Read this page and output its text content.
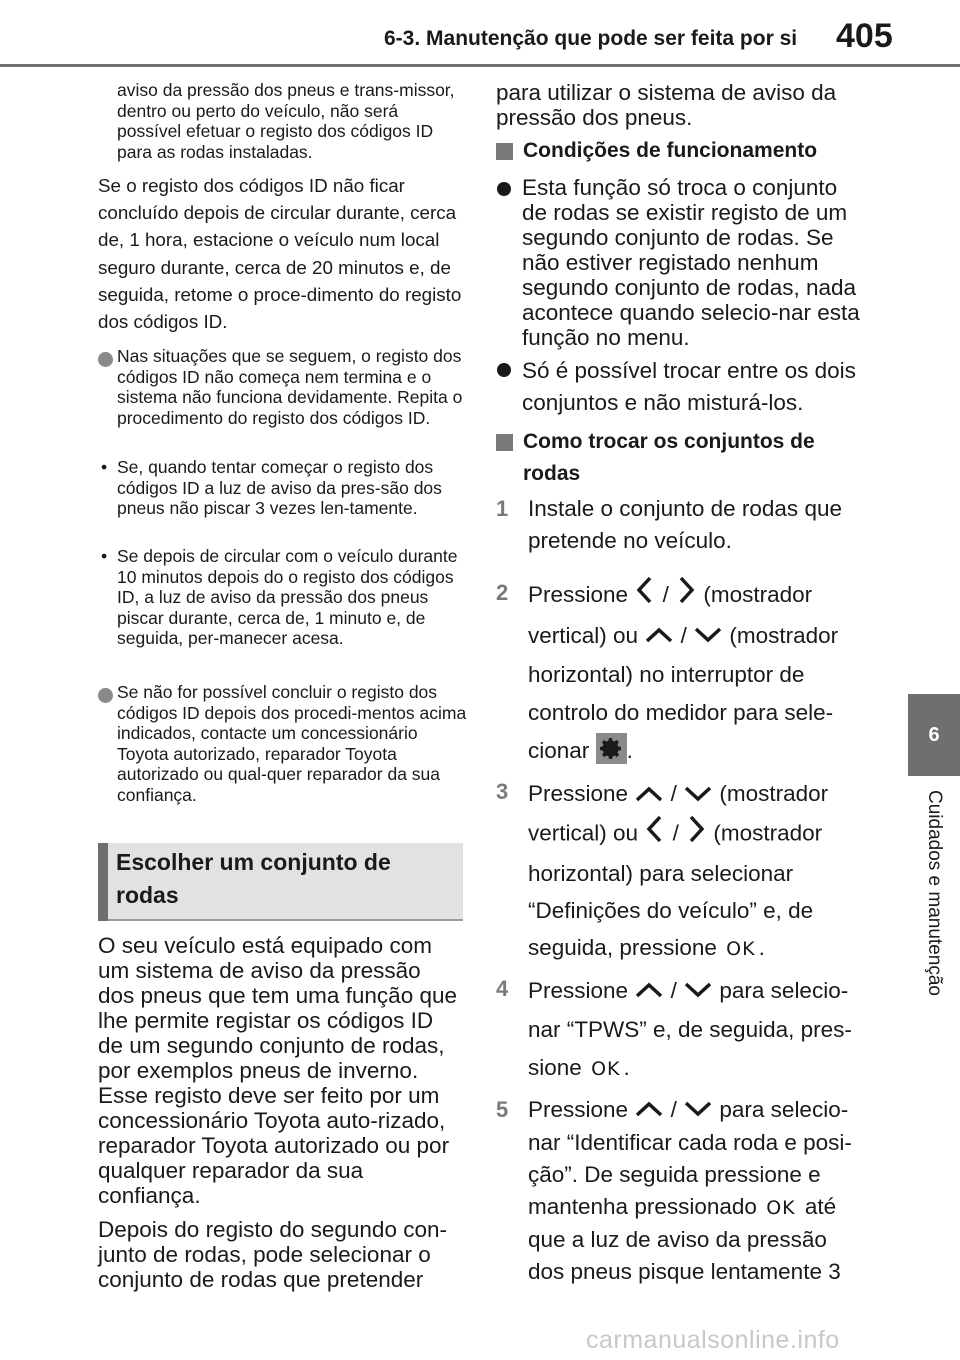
6-3. Manutenção que pode ser feita por si 405
6
Cuidados e manutenção
aviso da pressão dos pneus e trans-missor, dentro ou perto do veículo, não será possível efetuar o registo dos códigos ID para as rodas instaladas.
Se o registo dos códigos ID não ficar concluído depois de circular durante, cerca de, 1 hora, estacione o veículo num local seguro durante, cerca de 20 minutos e, de seguida, retome o proce-dimento do registo dos códigos ID.
Nas situações que se seguem, o registo dos códigos ID não começa nem termina e o sistema não funciona devidamente. Repita o procedimento do registo dos códigos ID.
• Se, quando tentar começar o registo dos códigos ID a luz de aviso da pres-são dos pneus não piscar 3 vezes len-tamente.
• Se depois de circular com o veículo durante 10 minutos depois do o registo dos códigos ID, a luz de aviso da pressão dos pneus piscar durante, cerca de, 1 minuto e, de seguida, per-manecer acesa.
Se não for possível concluir o registo dos códigos ID depois dos procedi-mentos acima indicados, contacte um concessionário Toyota autorizado, reparador Toyota autorizado ou qual-quer reparador da sua confiança.
Escolher um conjunto de rodas
O seu veículo está equipado com um sistema de aviso da pressão dos pneus que tem uma função que lhe permite registar os códigos ID de um segundo conjunto de rodas, por exemplos pneus de inverno. Esse registo deve ser feito por um concessionário Toyota auto-rizado, reparador Toyota autorizado ou por qualquer reparador da sua confiança.
Depois do registo do segundo con-junto de rodas, pode selecionar o conjunto de rodas que pretender
para utilizar o sistema de aviso da pressão dos pneus.
Condições de funcionamento
Esta função só troca o conjunto de rodas se existir registo de um segundo conjunto de rodas. Se não estiver registado nenhum segundo conjunto de rodas, nada acontece quando selecio-nar esta função no menu.
Só é possível trocar entre os dois conjuntos e não misturá-los.
Como trocar os conjuntos de rodas
1 Instale o conjunto de rodas que pretende no veículo.
2 Pressione / (mostrador vertical) ou / (mostrador horizontal) no interruptor de controlo do medidor para sele-cionar .
3 Pressione / (mostrador vertical) ou / (mostrador horizontal) para selecionar “Definições do veículo” e, de seguida, pressione OK .
4 Pressione / para selecio-nar “TPWS” e, de seguida, pres-sione OK .
5 Pressione / para selecio-nar “Identificar cada roda e posi-ção”. De seguida pressione e mantenha pressionado OK até que a luz de aviso da pressão dos pneus pisque lentamente 3
carmanualsonline.info
